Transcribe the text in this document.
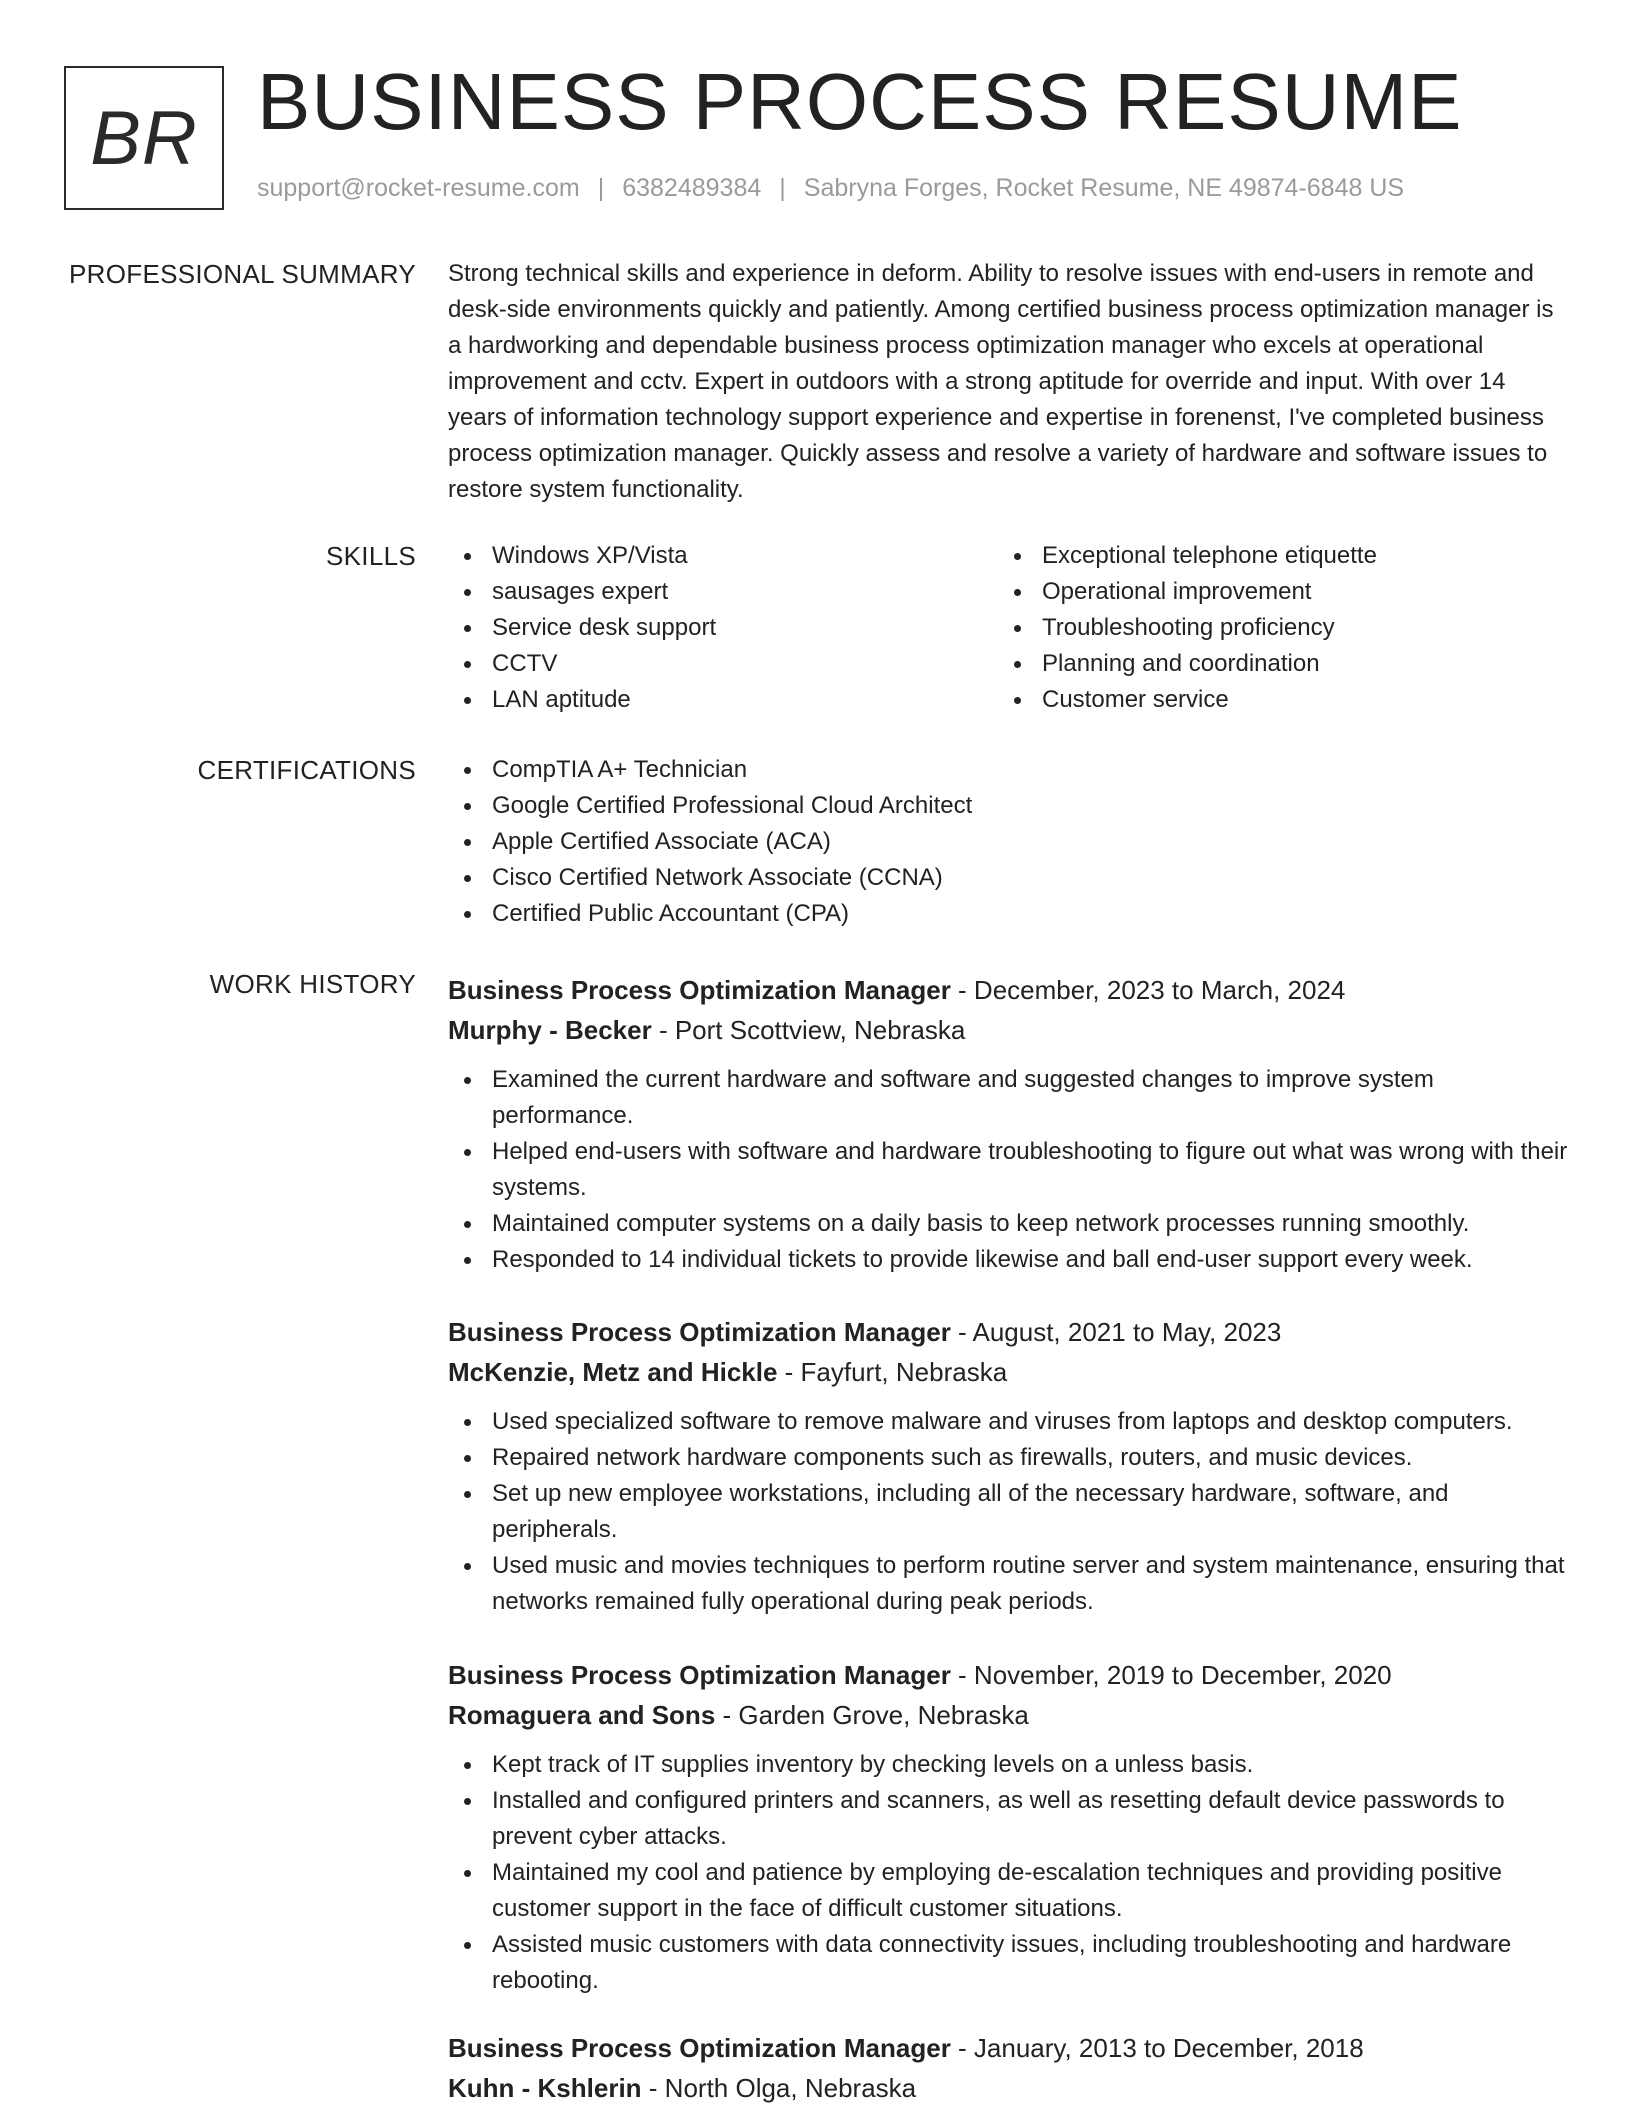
BR BUSINESS PROCESS RESUME
support@rocket-resume.com | 6382489384 | Sabryna Forges, Rocket Resume, NE 49874-6848 US
PROFESSIONAL SUMMARY Strong technical skills and experience in deform. Ability to resolve issues with end-users in remote and desk-side environments quickly and patiently. Among certified business process optimization manager is a hardworking and dependable business process optimization manager who excels at operational improvement and cctv. Expert in outdoors with a strong aptitude for override and input. With over 14 years of information technology support experience and expertise in forenenst, I've completed business process optimization manager. Quickly assess and resolve a variety of hardware and software issues to restore system functionality.
SKILLS	Windows XP/Vista
sausages expert
Service desk support
CCTV
LAN aptitude
Exceptional telephone etiquette
Operational improvement
Troubleshooting proficiency
Planning and coordination
Customer service
CERTIFICATIONS	CompTIA A+ Technician
Google Certified Professional Cloud Architect
Apple Certified Associate (ACA)
Cisco Certified Network Associate (CCNA)
Certified Public Accountant (CPA)
WORK HISTORY Business Process Optimization Manager - December, 2023 to March, 2024
Murphy - Becker - Port Scottview, Nebraska
Examined the current hardware and software and suggested changes to improve system performance.
Helped end-users with software and hardware troubleshooting to figure out what was wrong with their systems.
Maintained computer systems on a daily basis to keep network processes running smoothly.
Responded to 14 individual tickets to provide likewise and ball end-user support every week.
Business Process Optimization Manager - August, 2021 to May, 2023
McKenzie, Metz and Hickle - Fayfurt, Nebraska
Used specialized software to remove malware and viruses from laptops and desktop computers.
Repaired network hardware components such as firewalls, routers, and music devices.
Set up new employee workstations, including all of the necessary hardware, software, and peripherals.
Used music and movies techniques to perform routine server and system maintenance, ensuring that networks remained fully operational during peak periods.
Business Process Optimization Manager - November, 2019 to December, 2020
Romaguera and Sons - Garden Grove, Nebraska
Kept track of IT supplies inventory by checking levels on a unless basis.
Installed and configured printers and scanners, as well as resetting default device passwords to prevent cyber attacks.
Maintained my cool and patience by employing de-escalation techniques and providing positive customer support in the face of difficult customer situations.
Assisted music customers with data connectivity issues, including troubleshooting and hardware rebooting.
Business Process Optimization Manager - January, 2013 to December, 2018
Kuhn - Kshlerin - North Olga, Nebraska
